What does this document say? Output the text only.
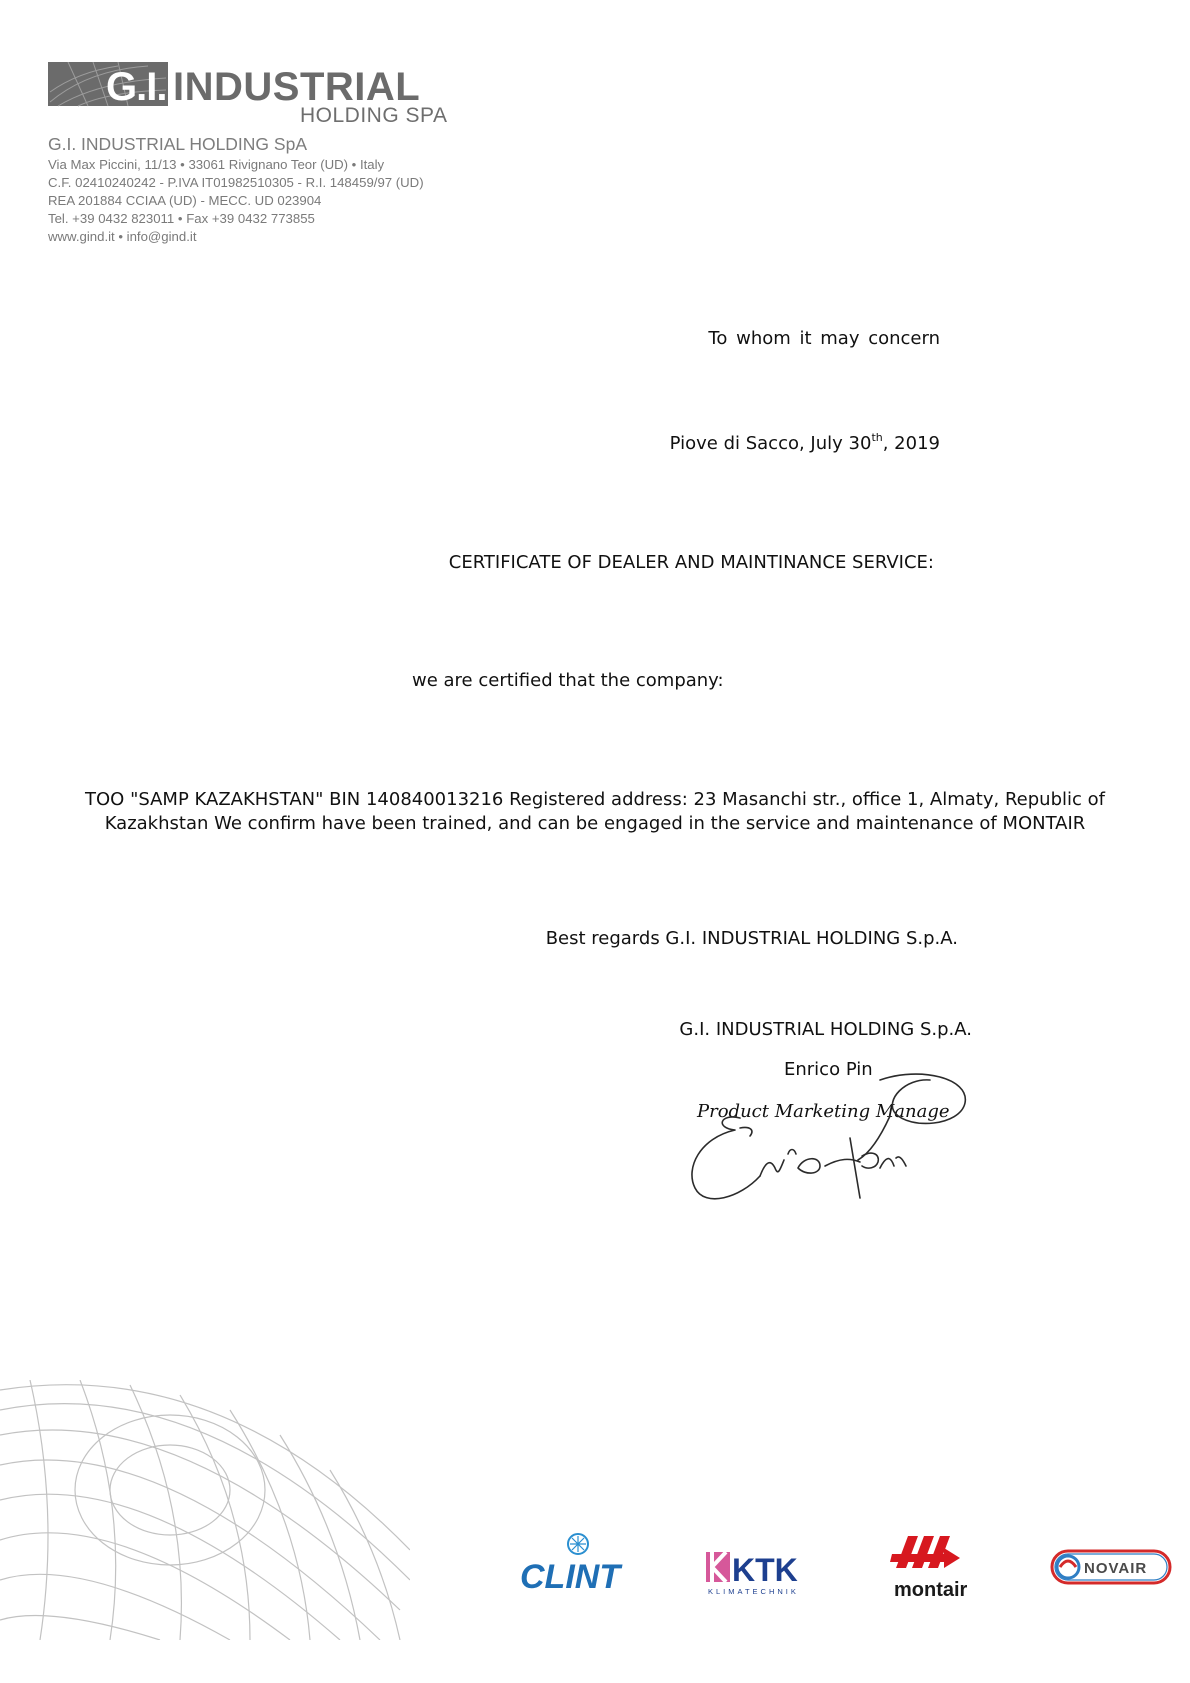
G.I. INDUSTRIAL
HOLDING SPA
G.I. INDUSTRIAL HOLDING SpA
Via Max Piccini, 11/13 • 33061 Rivignano Teor (UD) • Italy
C.F. 02410240242 - P.IVA IT01982510305 - R.I. 148459/97 (UD)
REA 201884 CCIAA (UD) - MECC. UD 023904
Tel. +39 0432 823011 • Fax +39 0432 773855
www.gind.it • info@gind.it
To whom it may concern
Piove di Sacco, July 30th, 2019
CERTIFICATE OF DEALER AND MAINTINANCE SERVICE:
we are certified that the company:
TOO "SAMP KAZAKHSTAN" BIN 140840013216 Registered address: 23 Masanchi str., office 1, Almaty, Republic of Kazakhstan We confirm have been trained, and can be engaged in the service and maintenance of MONTAIR
Best regards G.I. INDUSTRIAL HOLDING S.p.A.
G.I. INDUSTRIAL HOLDING S.p.A.
Enrico Pin
Product Marketing Manage
CLINT	KTK
KLIMATECHNIK	montair
NOVAIR
